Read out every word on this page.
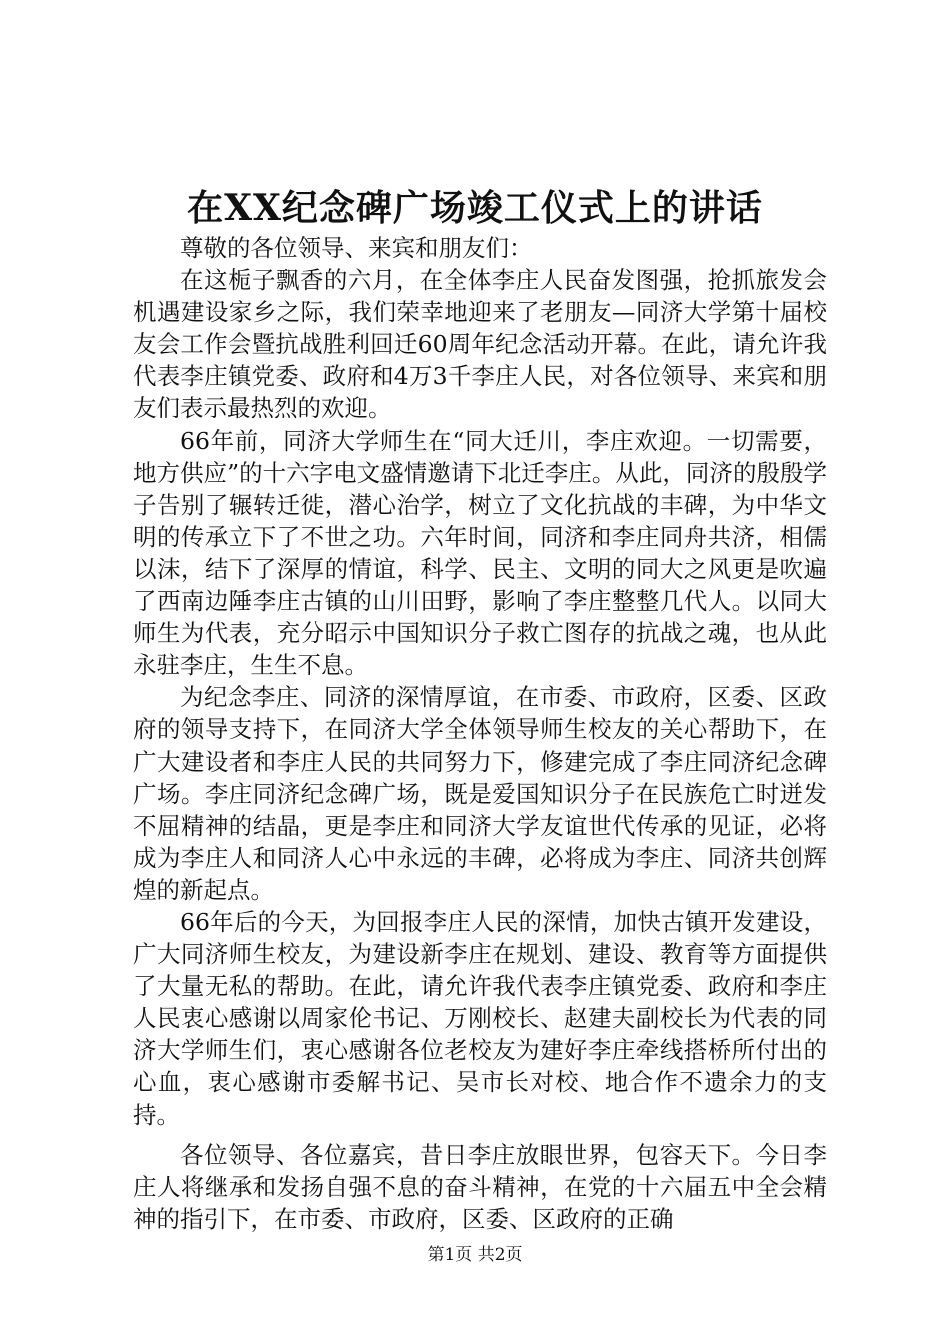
在XX纪念碑广场竣工仪式上的讲话

尊敬的各位领导、来宾和朋友们：

在这栀子飘香的六月，在全体李庄人民奋发图强，抢抓旅发会机遇建设家乡之际，我们荣幸地迎来了老朋友—同济大学第十届校友会工作会暨抗战胜利回迁60周年纪念活动开幕。在此，请允许我代表李庄镇党委、政府和4万3千李庄人民，对各位领导、来宾和朋友们表示最热烈的欢迎。

66年前，同济大学师生在“同大迁川，李庄欢迎。一切需要，地方供应”的十六字电文盛情邀请下北迁李庄。从此，同济的殷殷学子告别了辗转迁徙，潜心治学，树立了文化抗战的丰碑，为中华文明的传承立下了不世之功。六年时间，同济和李庄同舟共济，相儒以沫，结下了深厚的情谊，科学、民主、文明的同大之风更是吹遍了西南边陲李庄古镇的山川田野，影响了李庄整整几代人。以同大师生为代表，充分昭示中国知识分子救亡图存的抗战之魂，也从此永驻李庄，生生不息。

为纪念李庄、同济的深情厚谊，在市委、市政府，区委、区政府的领导支持下，在同济大学全体领导师生校友的关心帮助下，在广大建设者和李庄人民的共同努力下，修建完成了李庄同济纪念碑广场。李庄同济纪念碑广场，既是爱国知识分子在民族危亡时迸发不屈精神的结晶，更是李庄和同济大学友谊世代传承的见证，必将成为李庄人和同济人心中永远的丰碑，必将成为李庄、同济共创辉煌的新起点。

66年后的今天，为回报李庄人民的深情，加快古镇开发建设，广大同济师生校友，为建设新李庄在规划、建设、教育等方面提供了大量无私的帮助。在此，请允许我代表李庄镇党委、政府和李庄人民衷心感谢以周家伦书记、万刚校长、赵建夫副校长为代表的同济大学师生们，衷心感谢各位老校友为建好李庄牵线搭桥所付出的心血，衷心感谢市委解书记、吴市长对校、地合作不遗余力的支持。

各位领导、各位嘉宾，昔日李庄放眼世界，包容天下。今日李庄人将继承和发扬自强不息的奋斗精神，在党的十六届五中全会精神的指引下，在市委、市政府，区委、区政府的正确

第1页 共2页
